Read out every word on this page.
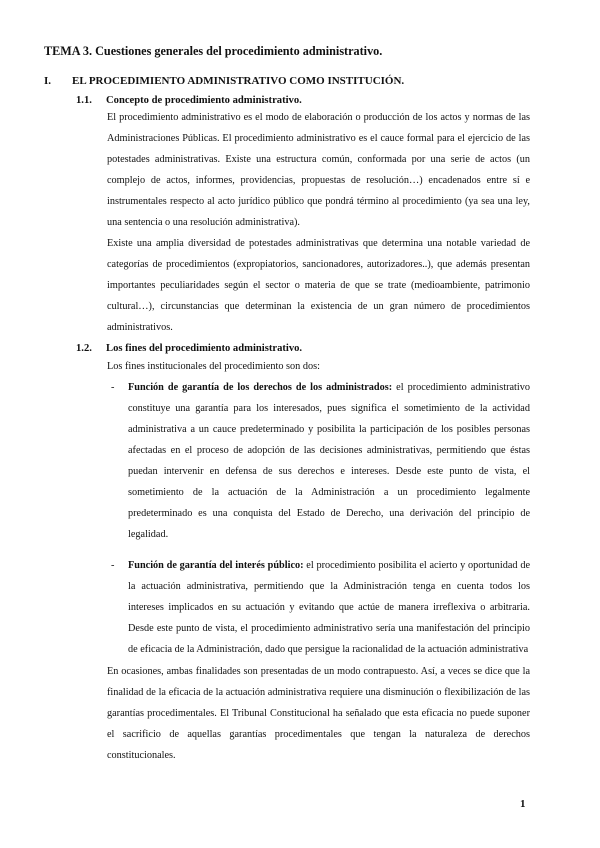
TEMA 3. Cuestiones generales del procedimiento administrativo.
I. EL PROCEDIMIENTO ADMINISTRATIVO COMO INSTITUCIÓN.
1.1. Concepto de procedimiento administrativo.

El procedimiento administrativo es el modo de elaboración o producción de los actos y normas de las Administraciones Públicas. El procedimiento administrativo es el cauce formal para el ejercicio de las potestades administrativas. Existe una estructura común, conformada por una serie de actos (un complejo de actos, informes, providencias, propuestas de resolución…) encadenados entre sí e instrumentales respecto al acto jurídico público que pondrá término al procedimiento (ya sea una ley, una sentencia o una resolución administrativa).

Existe una amplia diversidad de potestades administrativas que determina una notable variedad de categorías de procedimientos (expropiatorios, sancionadores, autorizadores..), que además presentan importantes peculiaridades según el sector o materia de que se trate (medioambiente, patrimonio cultural…), circunstancias que determinan la existencia de un gran número de procedimientos administrativos.

1.2. Los fines del procedimiento administrativo.

Los fines institucionales del procedimiento son dos:

- Función de garantía de los derechos de los administrados: el procedimiento administrativo constituye una garantía para los interesados, pues significa el sometimiento de la actividad administrativa a un cauce predeterminado y posibilita la participación de los posibles personas afectadas en el proceso de adopción de las decisiones administrativas, permitiendo que éstas puedan intervenir en defensa de sus derechos e intereses. Desde este punto de vista, el sometimiento de la actuación de la Administración a un procedimiento legalmente predeterminado es una conquista del Estado de Derecho, una derivación del principio de legalidad.
- Función de garantía del interés público: el procedimiento posibilita el acierto y oportunidad de la actuación administrativa, permitiendo que la Administración tenga en cuenta todos los intereses implicados en su actuación y evitando que actúe de manera irreflexiva o arbitraria. Desde este punto de vista, el procedimiento administrativo sería una manifestación del principio de eficacia de la Administración, dado que persigue la racionalidad de la actuación administrativa

En ocasiones, ambas finalidades son presentadas de un modo contrapuesto. Así, a veces se dice que la finalidad de la eficacia de la actuación administrativa requiere una disminución o flexibilización de las garantías procedimentales. El Tribunal Constitucional ha señalado que esta eficacia no puede suponer el sacrificio de aquellas garantías procedimentales que tengan la naturaleza de derechos constitucionales.

1
